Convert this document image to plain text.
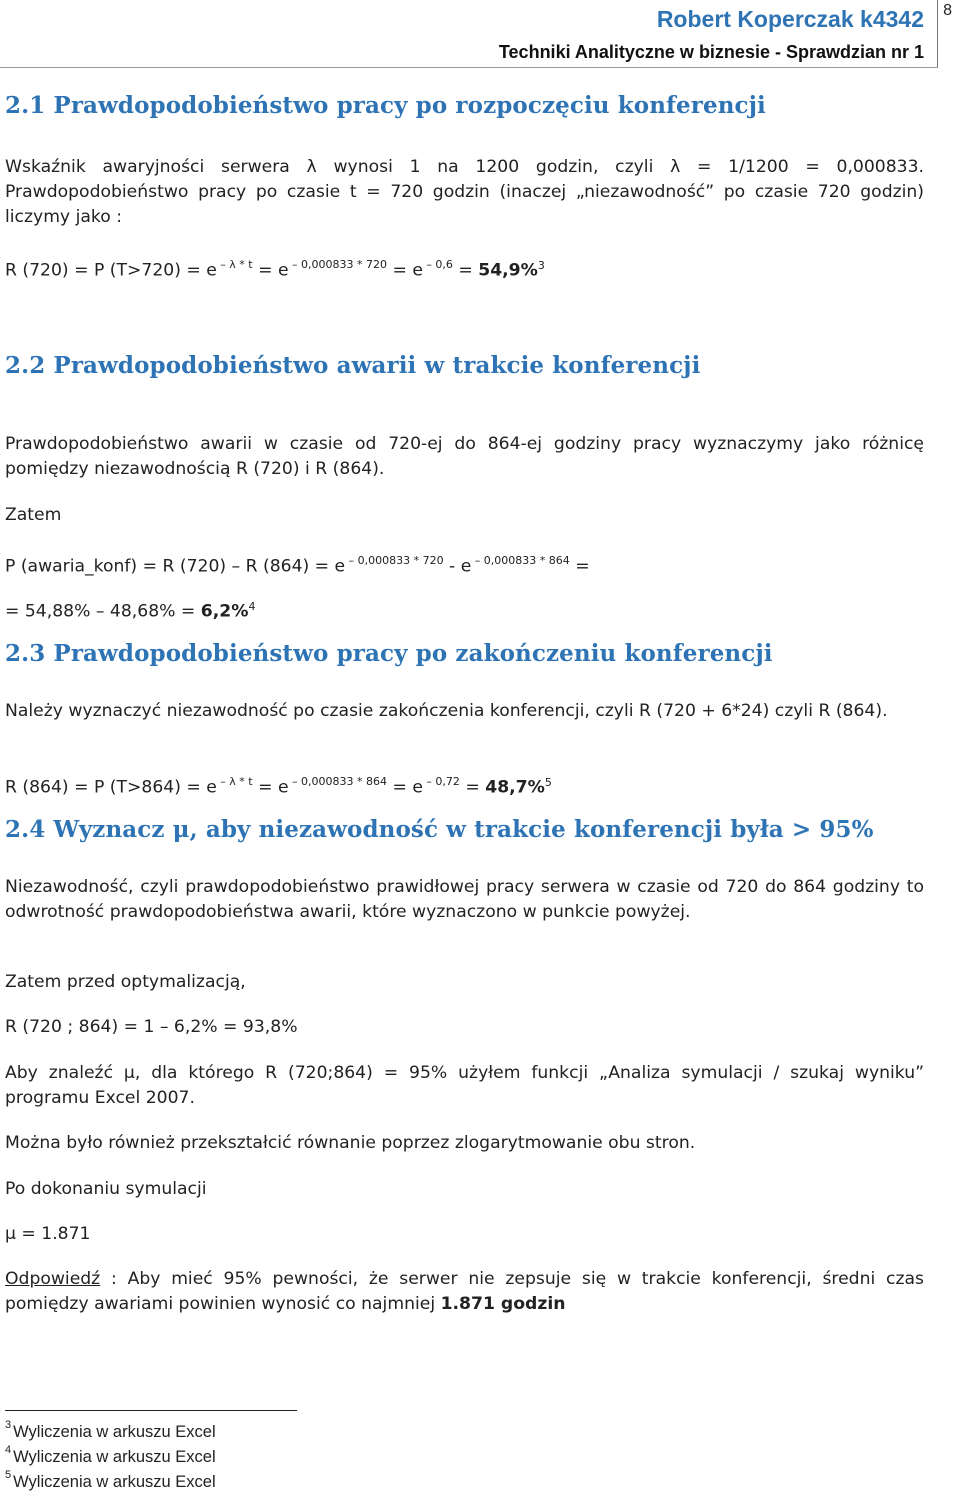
Robert Koperczak k4342
Techniki Analityczne w biznesie - Sprawdzian nr 1
8
2.1 Prawdopodobieństwo pracy po rozpoczęciu konferencji

Wskaźnik awaryjności serwera λ wynosi 1 na 1200 godzin, czyli λ = 1/1200 = 0,000833. Prawdopodobieństwo pracy po czasie t = 720 godzin (inaczej „niezawodność” po czasie 720 godzin) liczymy jako :

R (720) = P (T>720) = e $^{- \lambda * t}$ = e $^{- 0,000833 * 720}$ = e $^{- 0,6}$ = 54,9%$^3$
2.2 Prawdopodobieństwo awarii w trakcie konferencji

Prawdopodobieństwo awarii w czasie od 720-ej do 864-ej godziny pracy wyznaczymy jako różnicę pomiędzy niezawodnością R (720) i R (864).

Zatem

P (awaria_konf) = R (720) – R (864) = e $^{- 0,000833 * 720}$ - e $^{- 0,000833 * 864}$ =
= 54,88% – 48,68% = 6,2%$^4$
2.3 Prawdopodobieństwo pracy po zakończeniu konferencji

Należy wyznaczyć niezawodność po czasie zakończenia konferencji, czyli R (720 + 6*24) czyli R (864).

R (864) = P (T>864) = e $^{- \lambda * t}$ = e $^{- 0,000833 * 864}$ = e $^{- 0,72}$ = 48,7%$^5$
2.4 Wyznacz μ, aby niezawodność w trakcie konferencji była > 95%

Niezawodność, czyli prawdopodobieństwo prawidłowej pracy serwera w czasie od 720 do 864 godziny to odwrotność prawdopodobieństwa awarii, które wyznaczono w punkcie powyżej.

Zatem przed optymalizacją,

R (720 ; 864) = 1 – 6,2% = 93,8%

Aby znaleźć μ, dla którego R (720;864) = 95% użyłem funkcji „Analiza symulacji / szukaj wyniku” programu Excel 2007.

Można było również przekształcić równanie poprzez zlogarytmowanie obu stron.

Po dokonaniu symulacji

μ = 1.871

Odpowiedź : Aby mieć 95% pewności, że serwer nie zepsuje się w trakcie konferencji, średni czas pomiędzy awariami powinien wynosić co najmniej 1.871 godzin

$^3$ Wyliczenia w arkuszu Excel
$^4$ Wyliczenia w arkuszu Excel
$^5$ Wyliczenia w arkuszu Excel
